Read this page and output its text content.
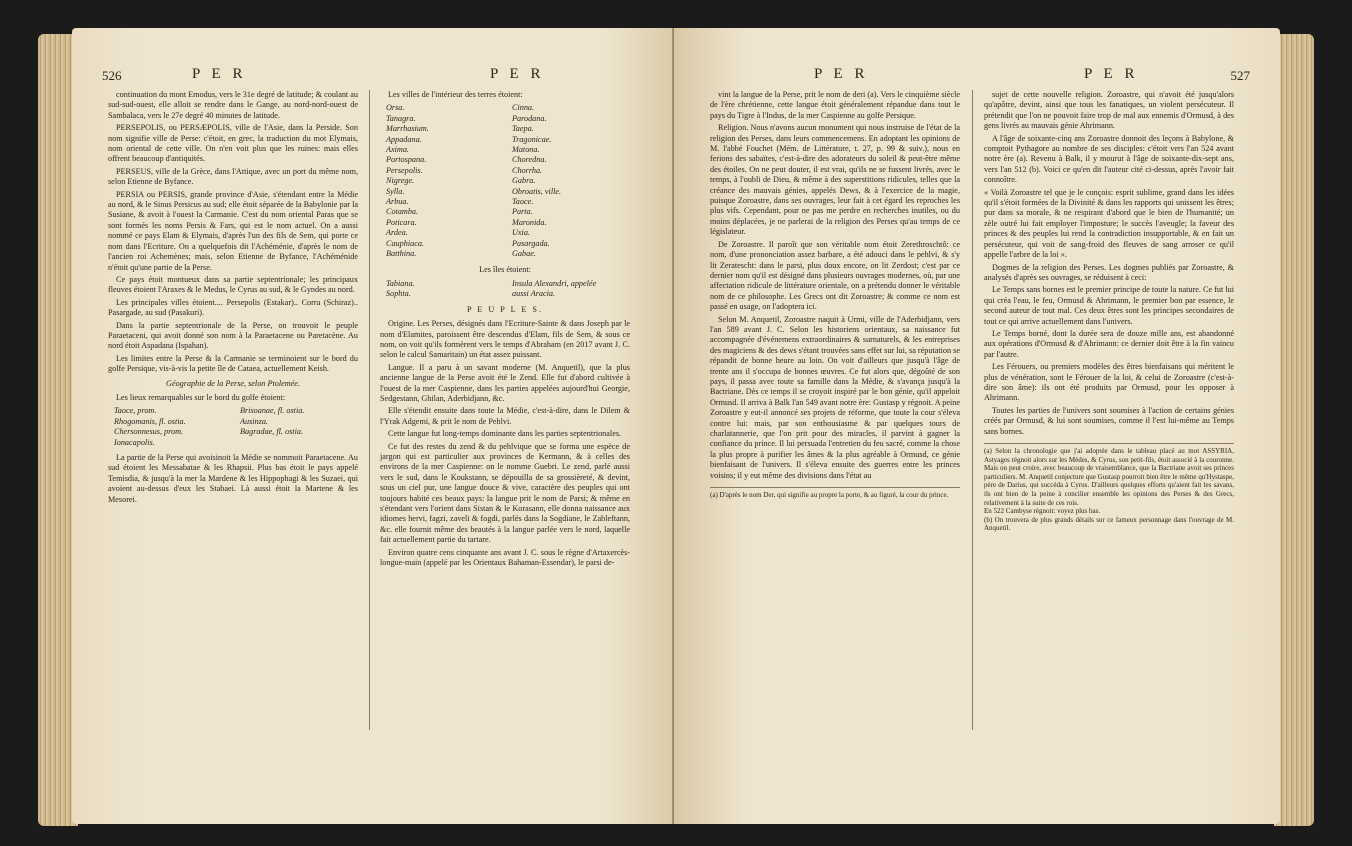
526	P E R	P E R

continuation du mont Emodus, vers le 31e degré de latitude; & coulant au sud-sud-ouest, elle alloit se rendre dans le Gange, au nord-nord-ouest de Sambalaca, vers le 27e degré 40 minutes de latitude.

PERSEPOLIS, ou PERSÆPOLIS, ville de l'Asie, dans la Perside. Son nom signifie ville de Perse: c'étoit, en grec, la traduction du mot Elymais, nom oriental de cette ville. On n'en voit plus que les ruines: mais elles offrent beaucoup d'antiquités.

PERSEUS, ville de la Grèce, dans l'Attique, avec un port du même nom, selon Etienne de Byfance.

PERSIA ou PERSIS, grande province d'Asie, s'étendant entre la Médie au nord, & le Sinus Persicus au sud; elle étoit séparée de la Babylonie par la Susiane, & avoit à l'ouest la Carmanie. C'est du nom oriental Paras que se sont formés les noms Persis & Fars, qui est le nom actuel. On a aussi nommé ce pays Elam & Elymais, d'après l'un des fils de Sem, qui porte ce nom dans l'Ecriture. On a quelquefois dit l'Achéménie, d'après le nom de l'ancien roi Achemènes; mais, selon Etienne de Byfance, l'Achéménide n'étoit qu'une partie de la Perse.

Ce pays étoit montueux dans sa partie septentrionale; les principaux fleuves étoient l'Araxes & le Medus, le Cyrus au sud, & le Gyndes au nord.

Les principales villes étoient.... Persepolis (Estakar).. Corra (Schiraz).. Pasargade, au sud (Pasakuri).

Dans la partie septentrionale de la Perse, on trouvoit le peuple Paraetaceni, qui avoit donné son nom à la Paraetacene ou Paretacène. Au nord étoit Aspadana (Ispahan).

Les limites entre la Perse & la Carmanie se terminoient sur le bord du golfe Persique, vis-à-vis la petite île de Cataea, actuellement Keish.

Géographie de la Perse, selon Ptolemée.

Les lieux remarquables sur le bord du golfe étoient:

Taoce, prom.	Brisoanae, fl. ostia.
Rhogomanis, fl. ostia.	Ausinza.
Chersonnesus, prom.	Bagradae, fl. ostia.
Ionacapolis.

La partie de la Perse qui avoisinoit la Médie se nommoit Paraetacene. Au sud étoient les Messabatae & les Rhapsii. Plus bas étoit le pays appelé Temisdia, & jusqu'à la mer la Mardene & les Hippophagi & les Suzaei, qui avoient au-dessus d'eux les Stabaei. Là aussi étoit la Martene & les Mesorei.

Les villes de l'intérieur des terres étoient:

Orsa.	Cinna.
Tanagra.	Parodana.
Marrhasium.	Taepa.
Appadana.	Tragonicae.
Axima.	Matona.
Portospana.	Choredna.
Persepolis.	Chorrha.
Nigrege.	Gabra.
Sylla.	Obroatis, ville.
Arbua.	Taoce.
Cotamba.	Parta.
Poticara.	Maronida.
Ardea.	Uxia.
Cauphiaca.	Pasargada.
Batthina.	Gabae.

Les îles étoient:

Tabiana.	Insula Alexandri, appelée
Sophta.	aussi Aracia.

P E U P L E S.

Origine. Les Perses, désignés dans l'Ecriture-Sainte & dans Joseph par le nom d'Elamites, paroissent être descendus d'Elam, fils de Sem, & sous ce nom, on voit qu'ils formèrent vers le temps d'Abraham (en 2017 avant J. C. selon le calcul Samaritain) un état assez puissant.

Langue. Il a paru à un savant moderne (M. Anquetil), que la plus ancienne langue de la Perse avoit été le Zend. Elle fut d'abord cultivée à l'ouest de la mer Caspienne, dans les parties appelées aujourd'hui Georgie, Sedgestann, Ghilan, Aderbidjann, &c.

Elle s'étendit ensuite dans toute la Médie, c'est-à-dire, dans le Dilem & l'Yrak Adgemi, & prit le nom de Pehlvi.

Cette langue fut long-temps dominante dans les parties septentrionales.

Ce fut des restes du zend & du pehlvique que se forma une espèce de jargon qui est particulier aux provinces de Kermann, & à celles des environs de la mer Caspienne: on le nomme Guebri. Le zend, parlé aussi vers le sud, dans le Koukstann, se dépouilla de sa grossièreté, & devint, sous un ciel pur, une langue douce & vive, caractère des peuples qui ont toujours habité ces beaux pays: la langue prit le nom de Parsi; & même en s'étendant vers l'orient dans Sistan & le Korasann, elle donna naissance aux idiomes hervi, fagzi, zaveli & fogdi, parlés dans la Sogdiane, le Zableftann, &c. elle fournit même des beautés à la langue parlée vers le nord, laquelle fait actuellement partie du tartare.

Environ quatre cens cinquante ans avant J. C. sous le règne d'Artaxercès-longue-main (appelé par les Orientaux Bahaman-Essendar), le parsi de-

P E R	P E R	527

vint la langue de la Perse, prit le nom de deri (a). Vers le cinquième siècle de l'ère chrétienne, cette langue étoit généralement répandue dans tout le pays du Tigre à l'Indus, de la mer Caspienne au golfe Persique.

Religion. Nous n'avons aucun monument qui nous instruise de l'état de la religion des Perses, dans leurs commencemens. En adoptant les opinions de M. l'abbé Fouchet (Mém. de Littérature, t. 27, p. 99 & suiv.), nous en ferions des sabaïtes, c'est-à-dire des adorateurs du soleil & peut-être même des étoiles. On ne peut douter, il est vrai, qu'ils ne se fussent livrés, avec le temps, à l'oubli de Dieu, & même à des superstitions ridicules, telles que la créance des mauvais génies, appelés Dews, & à l'exercice de la magie, puisque Zoroastre, dans ses ouvrages, leur fait à cet égard les reproches les plus vifs. Cependant, pour ne pas me perdre en recherches inutiles, ou du moins déplacées, je ne parlerai de la religion des Perses qu'au temps de ce législateur.

De Zoroastre. Il paroît que son véritable nom étoit Zerethroschtô: ce nom, d'une prononciation assez barbare, a été adouci dans le pehlvi, & s'y lit Zeratescht: dans le parsi, plus doux encore, on lit Zerdost; c'est par ce dernier nom qu'il est désigné dans plusieurs ouvrages modernes, où, par une affectation ridicule de littérature orientale, on a prétendu donner le véritable nom de ce philosophe. Les Grecs ont dit Zoroastre; & comme ce nom est passé en usage, on l'adoptera ici.

Selon M. Anquetil, Zoroastre naquit à Urmi, ville de l'Aderbidjann, vers l'an 589 avant J. C. Selon les historiens orientaux, sa naissance fut accompagnée d'événemens extraordinaires & surnaturels, & les entreprises des magiciens & des dews s'étant trouvées sans effet sur lui, sa réputation se répandit de bonne heure au loin. On voit d'ailleurs que jusqu'à l'âge de trente ans il s'occupa de bonnes œuvres. Ce fut alors que, dégoûté de son pays, il passa avec toute sa famille dans la Médie, & s'avança jusqu'à la Bactriane. Dès ce temps il se croyoit inspiré par le bon génie, qu'il appeloit Ormusd. Il arriva à Balk l'an 549 avant notre ère: Gustasp y régnoit. A peine Zoroastre y eut-il annoncé ses projets de réforme, que toute la cour s'éleva contre lui: mais, par son enthousiasme & par quelques tours de charlatannerie, que l'on prit pour des miracles, il parvint à gagner la confiance du prince. Il lui persuada l'entretien du feu sacré, comme la chose la plus propre à purifier les âmes & la plus agréable à Ormusd, ce génie bienfaisant de l'univers. Il s'éleva ensuite des guerres entre les princes voisins; il y eut même des divisions dans l'état au

(a) D'après le nom Der, qui signifie au propre la porte, & au figuré, la cour du prince.

sujet de cette nouvelle religion. Zoroastre, qui n'avoit été jusqu'alors qu'apôtre, devint, ainsi que tous les fanatiques, un violent persécuteur. Il prétendit que l'on ne pouvoit faire trop de mal aux ennemis d'Ormusd, à des gens livrés au mauvais génie Ahrimann.

A l'âge de soixante-cinq ans Zoroastre donnoit des leçons à Babylone, & comptoit Pythagore au nombre de ses disciples: c'étoit vers l'an 524 avant notre ère (a). Revenu à Balk, il y mourut à l'âge de soixante-dix-sept ans, vers l'an 512 (b). Voici ce qu'en dit l'auteur cité ci-dessus, après l'avoir fait connoître.

« Voilà Zoroastre tel que je le conçois: esprit sublime, grand dans les idées qu'il s'étoit formées de la Divinité & dans les rapports qui unissent les êtres; pur dans sa morale, & ne respirant d'abord que le bien de l'humanité; un zèle outré lui fait employer l'imposture; le succès l'aveugle; la faveur des princes & des peuples lui rend la contradiction insupportable, & en fait un persécuteur, qui voit de sang-froid des fleuves de sang arroser ce qu'il appelle l'arbre de la loi ».

Dogmes de la religion des Perses. Les dogmes publiés par Zoroastre, & analysés d'après ses ouvrages, se réduisent à ceci:

Le Temps sans bornes est le premier principe de toute la nature. Ce fut lui qui créa l'eau, le feu, Ormusd & Ahrimann, le premier bon par essence, le second auteur de tout mal. Ces deux êtres sont les principes secondaires de tout ce qui arrive actuellement dans l'univers.

Le Temps borné, dont la durée sera de douze mille ans, est abandonné aux opérations d'Ormusd & d'Ahrimann: ce dernier doit être à la fin vaincu par l'autre.

Les Férouers, ou premiers modèles des êtres bienfaisans qui méritent le plus de vénération, sont le Férouer de la loi, & celui de Zoroastre (c'est-à-dire son âme): ils ont été produits par Ormusd, pour les opposer à Ahrimann.

Toutes les parties de l'univers sont soumises à l'action de certains génies créés par Ormusd, & lui sont soumises, comme il l'est lui-même au Temps sans bornes.

(a) Selon la chronologie que j'ai adoptée dans le tableau placé au mot ASSYRIA, Astyages régnoit alors sur les Mèdes, & Cyrus, son petit-fils, étoit associé à la couronne. Mais on peut croire, avec beaucoup de vraisemblance, que la Bactriane avoit ses princes particuliers. M. Anquetil conjecture que Gustasp pourroit bien être le même qu'Hystaspe, père de Darius, qui succéda à Cyrus. D'ailleurs quelques efforts qu'aient fait les savans, ils ont bien de la peine à concilier ensemble les opinions des Perses & des Grecs, relativement à la suite de ces rois.
En 522 Cambyse régnoit: voyez plus bas.
(b) On trouvera de plus grands détails sur ce fameux personnage dans l'ouvrage de M. Anquetil.
